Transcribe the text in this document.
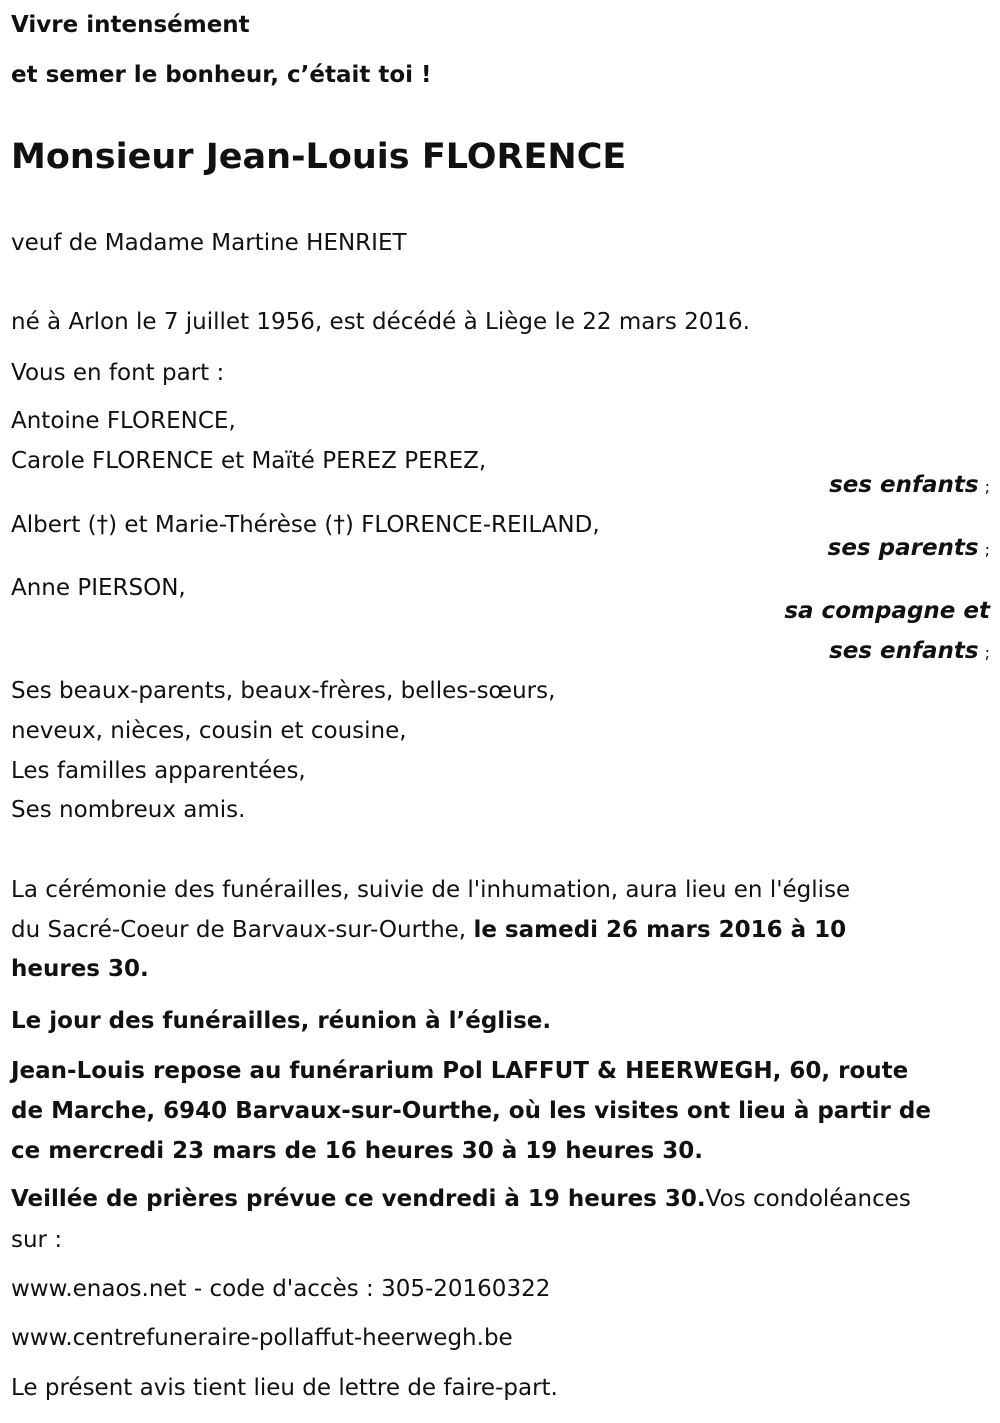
Vivre intensément
et semer le bonheur, c’était toi !
Monsieur Jean-Louis FLORENCE
veuf de Madame Martine HENRIET
né à Arlon le 7 juillet 1956, est décédé à Liège le 22 mars 2016.
Vous en font part :
Antoine FLORENCE,
Carole FLORENCE et Maïté PEREZ PEREZ,
ses enfants ;
Albert (†) et Marie-Thérèse (†) FLORENCE-REILAND,
ses parents ;
Anne PIERSON,
sa compagne et
ses enfants ;
Ses beaux-parents, beaux-frères, belles-sœurs,
neveux, nièces, cousin et cousine,
Les familles apparentées,
Ses nombreux amis.
La cérémonie des funérailles, suivie de l'inhumation, aura lieu en l'église
du Sacré-Coeur de Barvaux-sur-Ourthe, le samedi 26 mars 2016 à 10
heures 30.
Le jour des funérailles, réunion à l’église.
Jean-Louis repose au funérarium Pol LAFFUT & HEERWEGH, 60, route
de Marche, 6940 Barvaux-sur-Ourthe, où les visites ont lieu à partir de
ce mercredi 23 mars de 16 heures 30 à 19 heures 30.
Veillée de prières prévue ce vendredi à 19 heures 30.Vos condoléances
sur :
www.enaos.net - code d'accès : 305-20160322
www.centrefuneraire-pollaffut-heerwegh.be
Le présent avis tient lieu de lettre de faire-part.
